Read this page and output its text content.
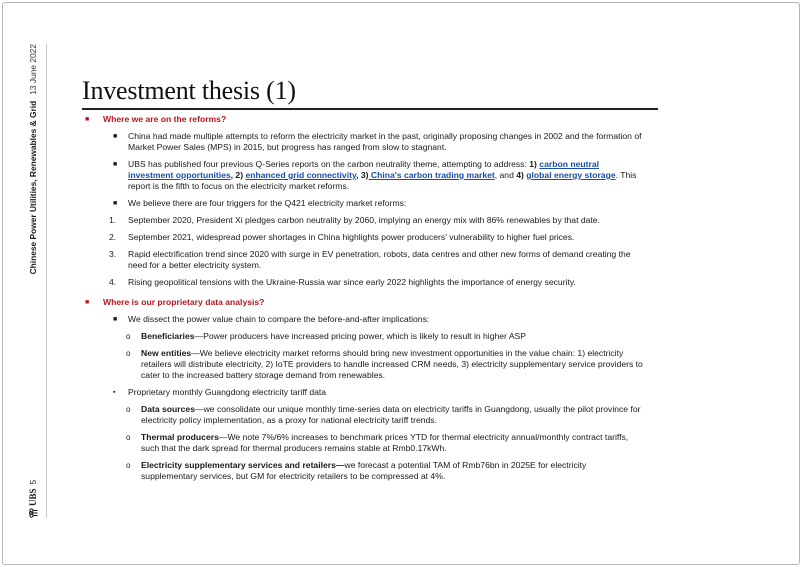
UBS
5
Chinese Power Utilities, Renewables & Grid
13 June 2022 Investment thesis (1)
■	Where we are on the reforms?
■	China had made multiple attempts to reform the electricity market in the past, originally proposing changes in 2002 and the formation of Market Power Sales (MPS) in 2015, but progress has ranged from slow to stagnant.
■	UBS has published four previous Q-Series reports on the carbon neutrality theme, attempting to address: 1) carbon neutral investment opportunities, 2) enhanced grid connectivity, 3) China's carbon trading market, and 4) global energy storage. This report is the fifth to focus on the electricity market reforms.
■	We believe there are four triggers for the Q421 electricity market reforms:
1.	September 2020, President Xi pledges carbon neutrality by 2060, implying an energy mix with 86% renewables by that date.
2.	September 2021, widespread power shortages in China highlights power producers' vulnerability to higher fuel prices.
3.	Rapid electrification trend since 2020 with surge in EV penetration, robots, data centres and other new forms of demand creating the need for a better electricity system.
4.	Rising geopolitical tensions with the Ukraine-Russia war since early 2022 highlights the importance of energy security.
■	Where is our proprietary data analysis?
■	We dissect the power value chain to compare the before-and-after implications:
o	Beneficiaries—Power producers have increased pricing power, which is likely to result in higher ASP
o	New entities—We believe electricity market reforms should bring new investment opportunities in the value chain: 1) electricity retailers will distribute electricity, 2) IoTE providers to handle increased CRM needs, 3) electricity supplementary service providers to cater to the increased battery storage demand from renewables.
▪	Proprietary monthly Guangdong electricity tariff data
o	Data sources—we consolidate our unique monthly time-series data on electricity tariffs in Guangdong, usually the pilot province for electricity policy implementation, as a proxy for national electricity tariff trends.
o	Thermal producers—We note 7%/6% increases to benchmark prices YTD for thermal electricity annual/monthly contract tariffs, such that the dark spread for thermal producers remains stable at Rmb0.17kWh.
o	Electricity supplementary services and retailers—we forecast a potential TAM of Rmb76bn in 2025E for electricity supplementary services, but GM for electricity retailers to be compressed at 4%.
